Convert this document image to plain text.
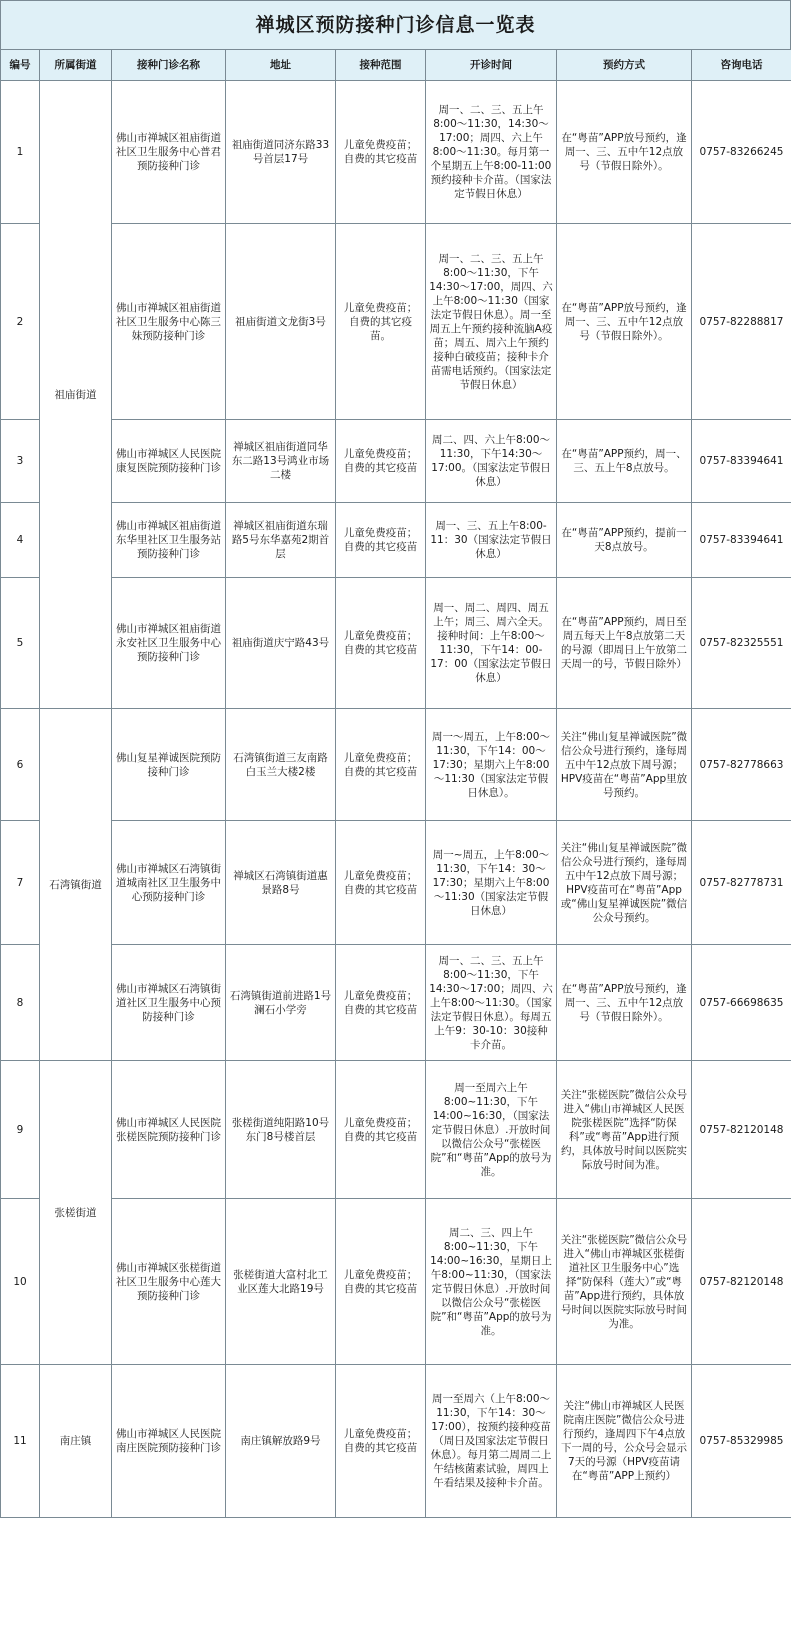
禅城区预防接种门诊信息一览表
编号	所属街道	接种门诊名称	地址	接种范围	开诊时间	预约方式	咨询电话
1	祖庙街道	佛山市禅城区祖庙街道社区卫生服务中心普君预防接种门诊	祖庙街道同济东路33号首层17号	儿童免费疫苗；自费的其它疫苗	周一、二、三、五上午8:00～11:30，14:30～17:00；周四、六上午8:00～11:30。每月第一个星期五上午8:00-11:00预约接种卡介苗。（国家法定节假日休息）	在“粤苗”APP放号预约，逢周一、三、五中午12点放号（节假日除外）。	0757-83266245
2		佛山市禅城区祖庙街道社区卫生服务中心陈三妹预防接种门诊	祖庙街道文龙街3号	儿童免费疫苗；自费的其它疫苗。	周一、二、三、五上午8:00～11:30，下午14:30～17:00，周四、六上午8:00～11:30（国家法定节假日休息）。周一至周五上午预约接种流脑A疫苗；周五、周六上午预约接种白破疫苗；接种卡介苗需电话预约。（国家法定节假日休息）	在“粤苗”APP放号预约，逢周一、三、五中午12点放号（节假日除外）。	0757-82288817
3		佛山市禅城区人民医院康复医院预防接种门诊	禅城区祖庙街道同华东二路13号鸿业市场二楼	儿童免费疫苗；自费的其它疫苗	周二、四、六上午8:00～11:30，下午14:30～17:00。（国家法定节假日休息）	在“粤苗”APP预约，周一、三、五上午8点放号。	0757-83394641
4		佛山市禅城区祖庙街道东华里社区卫生服务站预防接种门诊	禅城区祖庙街道东瑞路5号东华嘉苑2期首层	儿童免费疫苗；自费的其它疫苗	周一、三、五上午8:00-11：30（国家法定节假日休息）	在“粤苗”APP预约，提前一天8点放号。	0757-83394641
5		佛山市禅城区祖庙街道永安社区卫生服务中心预防接种门诊	祖庙街道庆宁路43号	儿童免费疫苗；自费的其它疫苗	周一、周二、周四、周五上午；周三、周六全天。接种时间：上午8:00～11:30，下午14：00-17：00（国家法定节假日休息）	在“粤苗”APP预约，周日至周五每天上午8点放第二天的号源（即周日上午放第二天周一的号，节假日除外）	0757-82325551
6	石湾镇街道	佛山复星禅诚医院预防接种门诊	石湾镇街道三友南路白玉兰大楼2楼	儿童免费疫苗；自费的其它疫苗	周一～周五，上午8:00～11:30，下午14：00～17:30；星期六上午8:00～11:30（国家法定节假日休息）。	关注“佛山复星禅诚医院”微信公众号进行预约，逢每周五中午12点放下周号源；HPV疫苗在“粤苗”App里放号预约。	0757-82778663
7		佛山市禅城区石湾镇街道城南社区卫生服务中心预防接种门诊	禅城区石湾镇街道惠景路8号	儿童免费疫苗；自费的其它疫苗	周一~周五，上午8:00～11:30，下午14：30～17:30；星期六上午8:00～11:30（国家法定节假日休息）	关注“佛山复星禅诚医院”微信公众号进行预约，逢每周五中午12点放下周号源；HPV疫苗可在“粤苗”App或“佛山复星禅诚医院”微信公众号预约。	0757-82778731
8		佛山市禅城区石湾镇街道社区卫生服务中心预防接种门诊	石湾镇街道前进路1号澜石小学旁	儿童免费疫苗；自费的其它疫苗	周一、二、三、五上午8:00～11:30，下午14:30～17:00；周四、六上午8:00～11:30。（国家法定节假日休息）。每周五上午9：30-10：30接种卡介苗。	在“粤苗”APP放号预约，逢周一、三、五中午12点放号（节假日除外）。	0757-66698635
9	张槎街道	佛山市禅城区人民医院张槎医院预防接种门诊	张槎街道纯阳路10号东门8号楼首层	儿童免费疫苗；自费的其它疫苗	周一至周六上午8:00~11:30，下午14:00~16:30，（国家法定节假日休息）.开放时间以微信公众号“张槎医院”和“粤苗”App的放号为准。	关注“张槎医院”微信公众号进入“佛山市禅城区人民医院张槎医院”选择“防保科”或“粤苗”App进行预约，具体放号时间以医院实际放号时间为准。	0757-82120148
10		佛山市禅城区张槎街道社区卫生服务中心莲大预防接种门诊	张槎街道大富村北工业区莲大北路19号	儿童免费疫苗；自费的其它疫苗	周二、三、四上午8:00~11:30，下午14:00~16:30，星期日上午8:00~11:30，（国家法定节假日休息）.开放时间以微信公众号“张槎医院”和“粤苗”App的放号为准。	关注“张槎医院”微信公众号进入“佛山市禅城区张槎街道社区卫生服务中心”选择“防保科（莲大）”或“粤苗”App进行预约，具体放号时间以医院实际放号时间为准。	0757-82120148
11	南庄镇	佛山市禅城区人民医院南庄医院预防接种门诊	南庄镇解放路9号	儿童免费疫苗；自费的其它疫苗	周一至周六（上午8:00～11:30，下午14：30～17:00），按预约接种疫苗（周日及国家法定节假日休息）。每月第二周周二上午结核菌素试验，周四上午看结果及接种卡介苗。	关注“佛山市禅城区人民医院南庄医院”微信公众号进行预约，逢周四下午4点放下一周的号，公众号会显示7天的号源（HPV疫苗请在“粤苗”APP上预约）	0757-85329985
